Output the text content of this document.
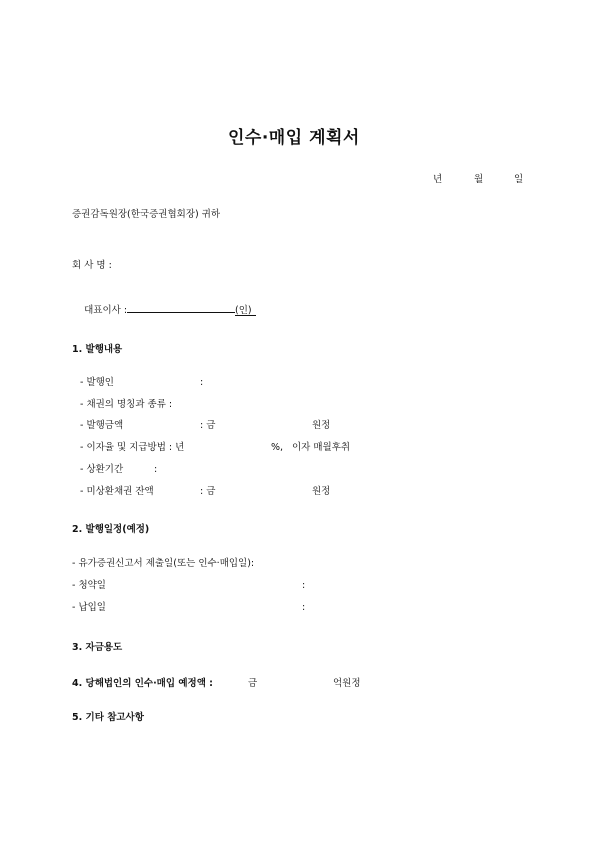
인수·매입 계획서
년	월	일
증권감독원장(한국증권협회장) 귀하
회 사 명 :

대표이사 :	(인)

1. 발행내용
- 발행인	:
- 채권의 명칭과 종류 :
- 발행금액	: 금	원정
- 이자율 및 지급방법 : 년	%, 이자 매월후취
- 상환기간	:
- 미상환채권 잔액	: 금	원정
2. 발행일정(예정)
- 유가증권신고서 제출일(또는 인수·매입일):
- 청약일	:
- 납입일	:
3. 자금용도
4. 당해법인의 인수·매입 예정액 :	금	억원정
5. 기타 참고사항
